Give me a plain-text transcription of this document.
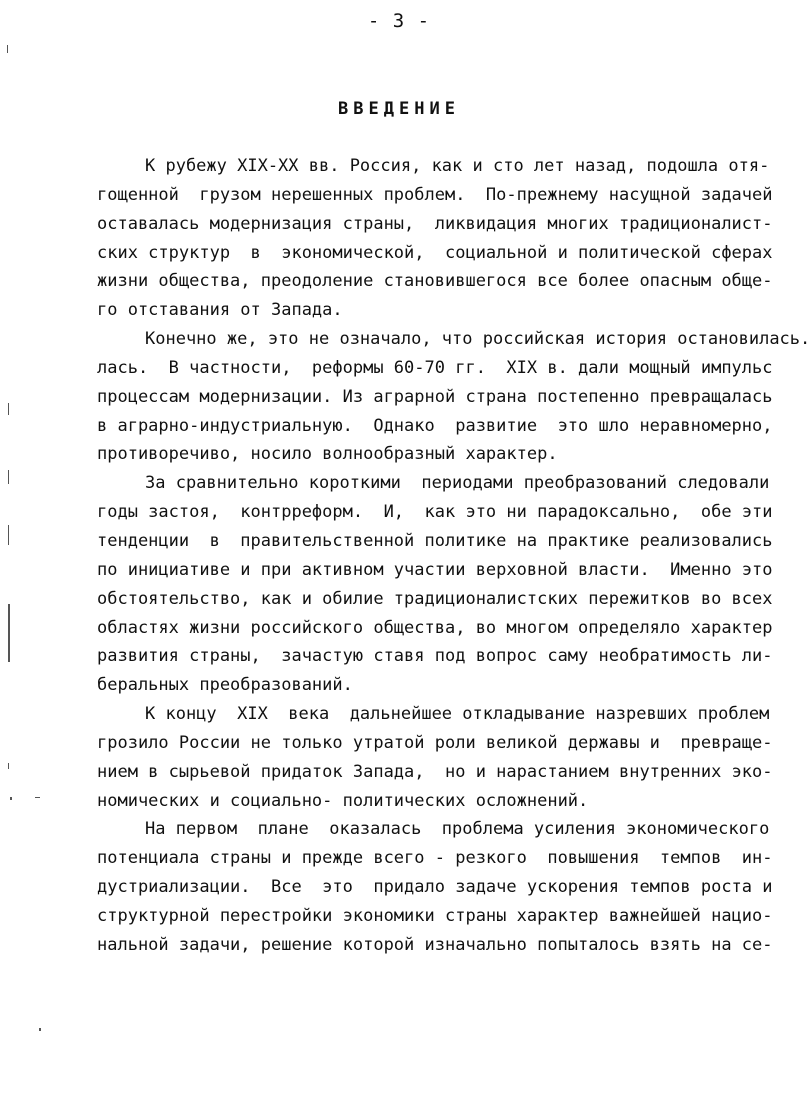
- 3 -
ВВЕДЕНИЕ
К рубежу XIX-XX вв. Россия, как и сто лет назад, подошла отя-
гощенной  грузом нерешенных проблем.  По-прежнему насущной задачей
оставалась модернизация страны,  ликвидация многих традиционалист-
ских структур  в  экономической,  социальной и политической сферах
жизни общества, преодоление становившегося все более опасным обще-
го отставания от Запада.
Конечно же, это не означало, что российская история остановилась.
лась.  В частности,  реформы 60-70 гг.  XIX в. дали мощный импульс
процессам модернизации. Из аграрной страна постепенно превращалась
в аграрно-индустриальную.  Однако  развитие  это шло неравномерно,
противоречиво, носило волнообразный характер.
За сравнительно короткими  периодами преобразований следовали
годы застоя,  контрреформ.  И,  как это ни парадоксально,  обе эти
тенденции  в  правительственной политике на практике реализовались
по инициативе и при активном участии верховной власти.  Именно это
обстоятельство, как и обилие традиционалистских пережитков во всех
областях жизни российского общества, во многом определяло характер
развития страны,  зачастую ставя под вопрос саму необратимость ли-
беральных преобразований.
К концу  XIX  века  дальнейшее откладывание назревших проблем
грозило России не только утратой роли великой державы и  превраще-
нием в сырьевой придаток Запада,  но и нарастанием внутренних эко-
номических и социально- политических осложнений.
На первом  плане  оказалась  проблема усиления экономического
потенциала страны и прежде всего - резкого  повышения  темпов  ин-
дустриализации.  Все  это  придало задаче ускорения темпов роста и
структурной перестройки экономики страны характер важнейшей нацио-
нальной задачи, решение которой изначально попыталось взять на се-
